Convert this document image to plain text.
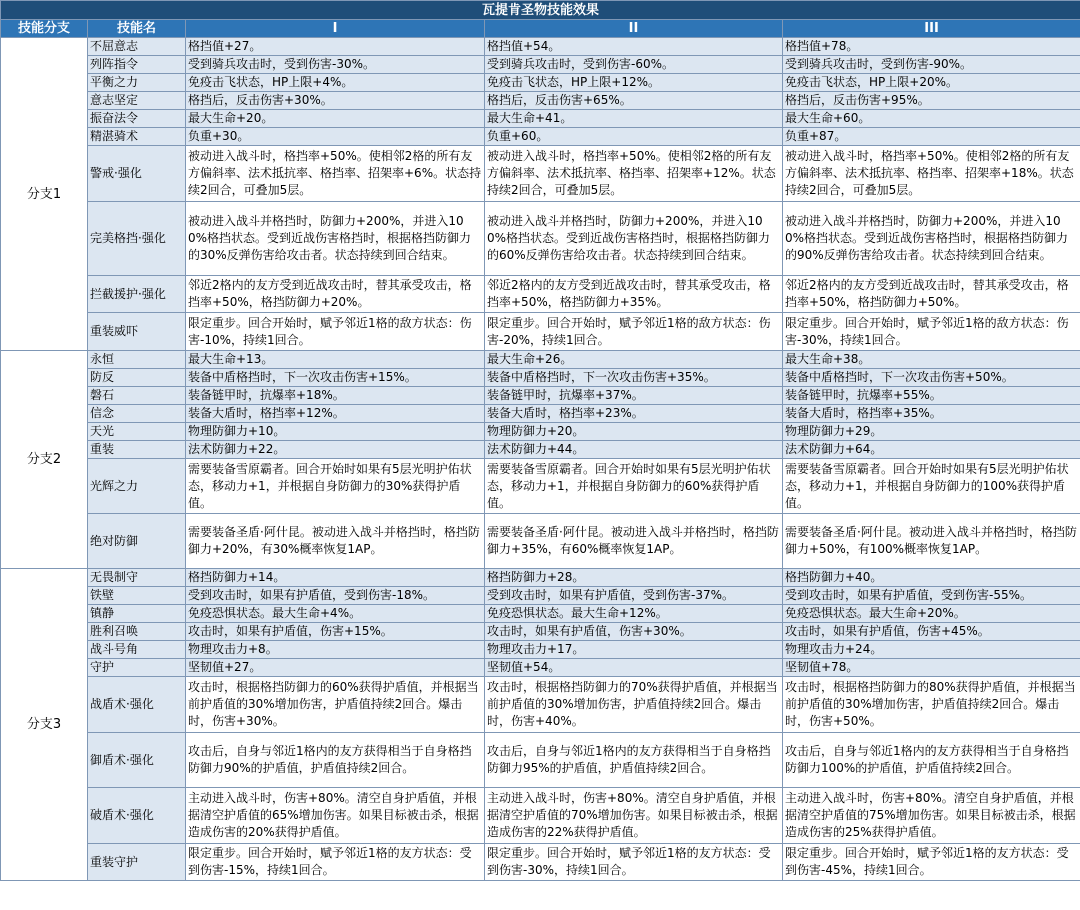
瓦提肯圣物技能效果				
技能分支	技能名	I	II	III
分支1	不屈意志	格挡值+27。	格挡值+54。	格挡值+78。
	列阵指令	受到骑兵攻击时，受到伤害-30%。	受到骑兵攻击时，受到伤害-60%。	受到骑兵攻击时，受到伤害-90%。
	平衡之力	免疫击飞状态，HP上限+4%。	免疫击飞状态，HP上限+12%。	免疫击飞状态，HP上限+20%。
	意志坚定	格挡后，反击伤害+30%。	格挡后，反击伤害+65%。	格挡后，反击伤害+95%。
	振奋法令	最大生命+20。	最大生命+41。	最大生命+60。
	精湛骑术	负重+30。	负重+60。	负重+87。
	警戒·强化	被动进入战斗时，格挡率+50%。使相邻2格的所有友方偏斜率、法术抵抗率、格挡率、招架率+6%。状态持续2回合，可叠加5层。	被动进入战斗时，格挡率+50%。使相邻2格的所有友方偏斜率、法术抵抗率、格挡率、招架率+12%。状态持续2回合，可叠加5层。	被动进入战斗时，格挡率+50%。使相邻2格的所有友方偏斜率、法术抵抗率、格挡率、招架率+18%。状态持续2回合，可叠加5层。
	完美格挡·强化	被动进入战斗并格挡时，防御力+200%，并进入100%格挡状态。受到近战伤害格挡时，根据格挡防御力的30%反弹伤害给攻击者。状态持续到回合结束。	被动进入战斗并格挡时，防御力+200%，并进入100%格挡状态。受到近战伤害格挡时，根据格挡防御力的60%反弹伤害给攻击者。状态持续到回合结束。	被动进入战斗并格挡时，防御力+200%，并进入100%格挡状态。受到近战伤害格挡时，根据格挡防御力的90%反弹伤害给攻击者。状态持续到回合结束。
	拦截援护·强化	邻近2格内的友方受到近战攻击时，替其承受攻击，格挡率+50%，格挡防御力+20%。	邻近2格内的友方受到近战攻击时，替其承受攻击，格挡率+50%，格挡防御力+35%。	邻近2格内的友方受到近战攻击时，替其承受攻击，格挡率+50%，格挡防御力+50%。
	重装威吓	限定重步。回合开始时，赋予邻近1格的敌方状态：伤害-10%，持续1回合。	限定重步。回合开始时，赋予邻近1格的敌方状态：伤害-20%，持续1回合。	限定重步。回合开始时，赋予邻近1格的敌方状态：伤害-30%，持续1回合。
分支2	永恒	最大生命+13。	最大生命+26。	最大生命+38。
	防反	装备中盾格挡时，下一次攻击伤害+15%。	装备中盾格挡时，下一次攻击伤害+35%。	装备中盾格挡时，下一次攻击伤害+50%。
	磐石	装备链甲时，抗爆率+18%。	装备链甲时，抗爆率+37%。	装备链甲时，抗爆率+55%。
	信念	装备大盾时，格挡率+12%。	装备大盾时，格挡率+23%。	装备大盾时，格挡率+35%。
	天光	物理防御力+10。	物理防御力+20。	物理防御力+29。
	重装	法术防御力+22。	法术防御力+44。	法术防御力+64。
	光辉之力	需要装备雪原霸者。回合开始时如果有5层光明护佑状态，移动力+1，并根据自身防御力的30%获得护盾值。	需要装备雪原霸者。回合开始时如果有5层光明护佑状态，移动力+1，并根据自身防御力的60%获得护盾值。	需要装备雪原霸者。回合开始时如果有5层光明护佑状态，移动力+1，并根据自身防御力的100%获得护盾值。
	绝对防御	需要装备圣盾·阿什昆。被动进入战斗并格挡时，格挡防御力+20%，有30%概率恢复1AP。	需要装备圣盾·阿什昆。被动进入战斗并格挡时，格挡防御力+35%，有60%概率恢复1AP。	需要装备圣盾·阿什昆。被动进入战斗并格挡时，格挡防御力+50%，有100%概率恢复1AP。
分支3	无畏制守	格挡防御力+14。	格挡防御力+28。	格挡防御力+40。
	铁壁	受到攻击时，如果有护盾值，受到伤害-18%。	受到攻击时，如果有护盾值，受到伤害-37%。	受到攻击时，如果有护盾值，受到伤害-55%。
	镇静	免疫恐惧状态。最大生命+4%。	免疫恐惧状态。最大生命+12%。	免疫恐惧状态。最大生命+20%。
	胜利召唤	攻击时，如果有护盾值，伤害+15%。	攻击时，如果有护盾值，伤害+30%。	攻击时，如果有护盾值，伤害+45%。
	战斗号角	物理攻击力+8。	物理攻击力+17。	物理攻击力+24。
	守护	坚韧值+27。	坚韧值+54。	坚韧值+78。
	战盾术·强化	攻击时，根据格挡防御力的60%获得护盾值，并根据当前护盾值的30%增加伤害，护盾值持续2回合。爆击时，伤害+30%。	攻击时，根据格挡防御力的70%获得护盾值，并根据当前护盾值的30%增加伤害，护盾值持续2回合。爆击时，伤害+40%。	攻击时，根据格挡防御力的80%获得护盾值，并根据当前护盾值的30%增加伤害，护盾值持续2回合。爆击时，伤害+50%。
	御盾术·强化	攻击后，自身与邻近1格内的友方获得相当于自身格挡防御力90%的护盾值，护盾值持续2回合。	攻击后，自身与邻近1格内的友方获得相当于自身格挡防御力95%的护盾值，护盾值持续2回合。	攻击后，自身与邻近1格内的友方获得相当于自身格挡防御力100%的护盾值，护盾值持续2回合。
	破盾术·强化	主动进入战斗时，伤害+80%。清空自身护盾值，并根据清空护盾值的65%增加伤害。如果目标被击杀，根据造成伤害的20%获得护盾值。	主动进入战斗时，伤害+80%。清空自身护盾值，并根据清空护盾值的70%增加伤害。如果目标被击杀，根据造成伤害的22%获得护盾值。	主动进入战斗时，伤害+80%。清空自身护盾值，并根据清空护盾值的75%增加伤害。如果目标被击杀，根据造成伤害的25%获得护盾值。
	重装守护	限定重步。回合开始时，赋予邻近1格的友方状态：受到伤害-15%，持续1回合。	限定重步。回合开始时，赋予邻近1格的友方状态：受到伤害-30%，持续1回合。	限定重步。回合开始时，赋予邻近1格的友方状态：受到伤害-45%，持续1回合。
